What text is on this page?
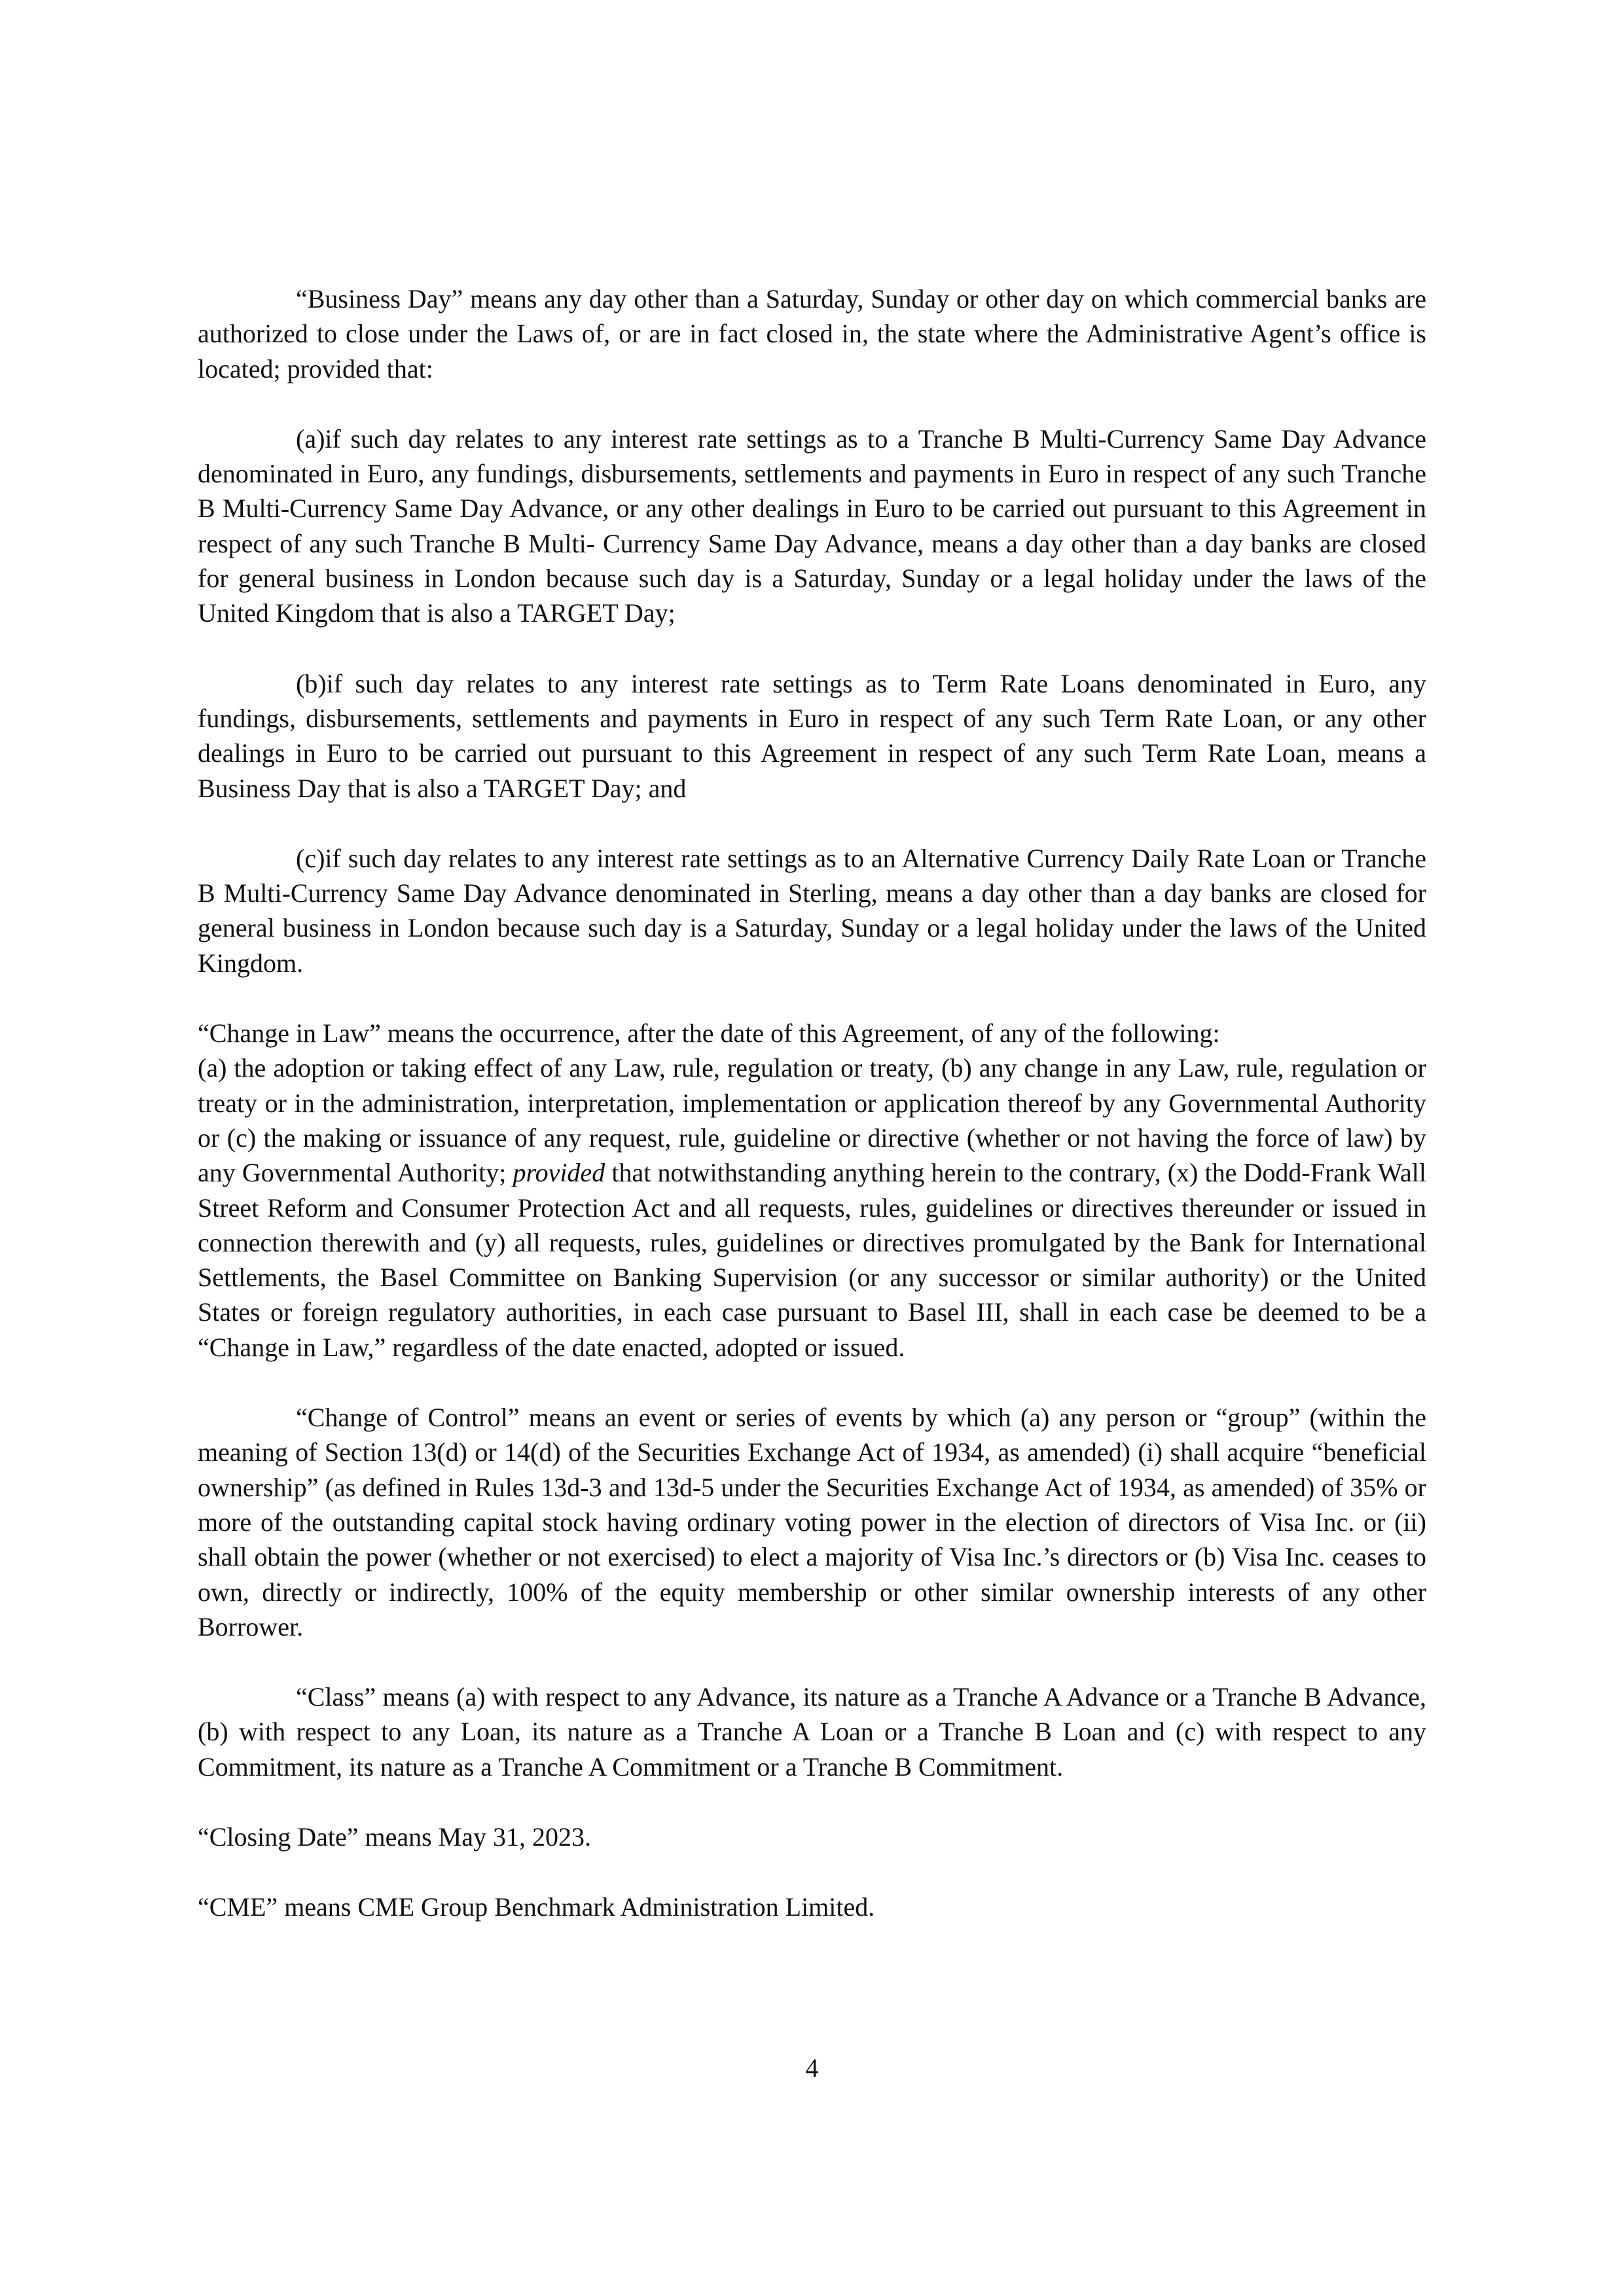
“Business Day” means any day other than a Saturday, Sunday or other day on which commercial banks are authorized to close under the Laws of, or are in fact closed in, the state where the Administrative Agent’s office is located; provided that:

(a)if such day relates to any interest rate settings as to a Tranche B Multi-Currency Same Day Advance denominated in Euro, any fundings, disbursements, settlements and payments in Euro in respect of any such Tranche B Multi-Currency Same Day Advance, or any other dealings in Euro to be carried out pursuant to this Agreement in respect of any such Tranche B Multi- Currency Same Day Advance, means a day other than a day banks are closed for general business in London because such day is a Saturday, Sunday or a legal holiday under the laws of the United Kingdom that is also a TARGET Day;

(b)if such day relates to any interest rate settings as to Term Rate Loans denominated in Euro, any fundings, disbursements, settlements and payments in Euro in respect of any such Term Rate Loan, or any other dealings in Euro to be carried out pursuant to this Agreement in respect of any such Term Rate Loan, means a Business Day that is also a TARGET Day; and

(c)if such day relates to any interest rate settings as to an Alternative Currency Daily Rate Loan or Tranche B Multi-Currency Same Day Advance denominated in Sterling, means a day other than a day banks are closed for general business in London because such day is a Saturday, Sunday or a legal holiday under the laws of the United Kingdom.

“Change in Law” means the occurrence, after the date of this Agreement, of any of the following:
(a) the adoption or taking effect of any Law, rule, regulation or treaty, (b) any change in any Law, rule, regulation or treaty or in the administration, interpretation, implementation or application thereof by any Governmental Authority or (c) the making or issuance of any request, rule, guideline or directive (whether or not having the force of law) by any Governmental Authority; provided that notwithstanding anything herein to the contrary, (x) the Dodd-Frank Wall Street Reform and Consumer Protection Act and all requests, rules, guidelines or directives thereunder or issued in connection therewith and (y) all requests, rules, guidelines or directives promulgated by the Bank for International Settlements, the Basel Committee on Banking Supervision (or any successor or similar authority) or the United States or foreign regulatory authorities, in each case pursuant to Basel III, shall in each case be deemed to be a “Change in Law,” regardless of the date enacted, adopted or issued.

“Change of Control” means an event or series of events by which (a) any person or “group” (within the meaning of Section 13(d) or 14(d) of the Securities Exchange Act of 1934, as amended) (i) shall acquire “beneficial ownership” (as defined in Rules 13d-3 and 13d-5 under the Securities Exchange Act of 1934, as amended) of 35% or more of the outstanding capital stock having ordinary voting power in the election of directors of Visa Inc. or (ii) shall obtain the power (whether or not exercised) to elect a majority of Visa Inc.’s directors or (b) Visa Inc. ceases to own, directly or indirectly, 100% of the equity membership or other similar ownership interests of any other Borrower.

“Class” means (a) with respect to any Advance, its nature as a Tranche A Advance or a Tranche B Advance, (b) with respect to any Loan, its nature as a Tranche A Loan or a Tranche B Loan and (c) with respect to any Commitment, its nature as a Tranche A Commitment or a Tranche B Commitment.

“Closing Date” means May 31, 2023.

“CME” means CME Group Benchmark Administration Limited.

4
